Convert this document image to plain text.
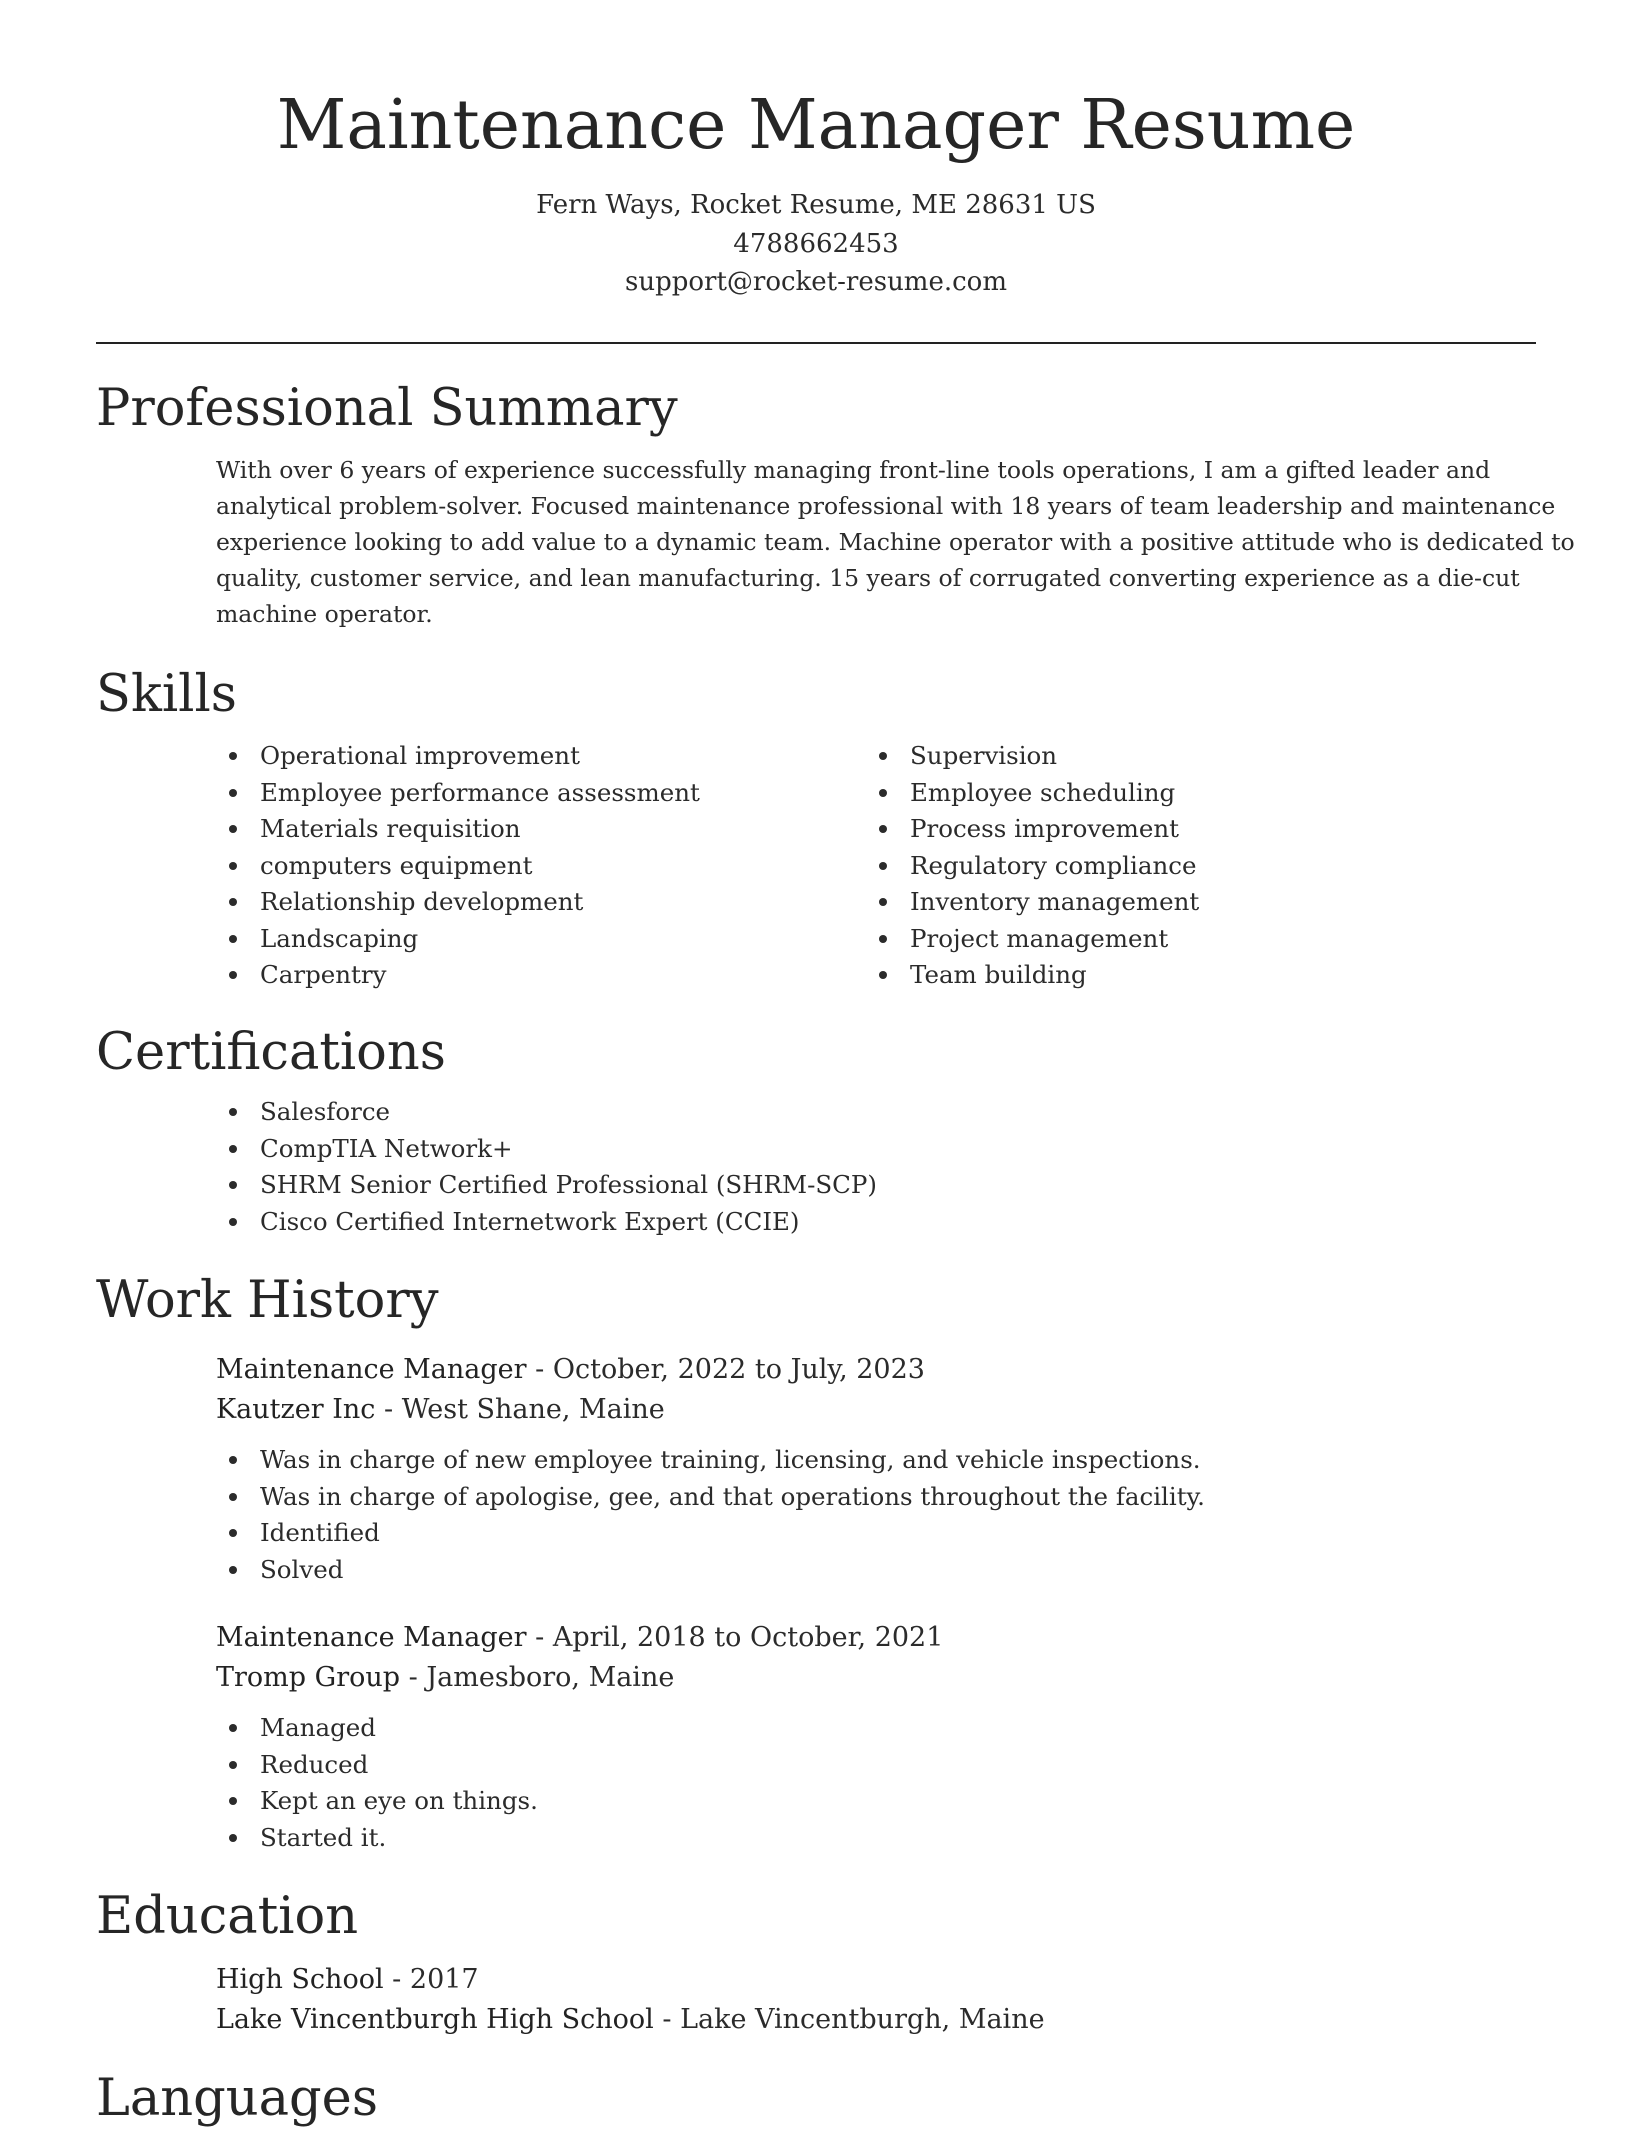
Maintenance Manager Resume
Fern Ways, Rocket Resume, ME 28631 US
4788662453
support@rocket-resume.com
Professional Summary

With over 6 years of experience successfully managing front-line tools operations, I am a gifted leader and analytical problem-solver. Focused maintenance professional with 18 years of team leadership and maintenance experience looking to add value to a dynamic team. Machine operator with a positive attitude who is dedicated to quality, customer service, and lean manufacturing. 15 years of corrugated converting experience as a die-cut machine operator.

Skills
Operational improvement
Employee performance assessment
Materials requisition
computers equipment
Relationship development
Landscaping
Carpentry
Supervision
Employee scheduling
Process improvement
Regulatory compliance
Inventory management
Project management
Team building
Certifications
Salesforce
CompTIA Network+
SHRM Senior Certified Professional (SHRM-SCP)
Cisco Certified Internetwork Expert (CCIE)
Work History
Maintenance Manager - October, 2022 to July, 2023
Kautzer Inc - West Shane, Maine
Was in charge of new employee training, licensing, and vehicle inspections.
Was in charge of apologise, gee, and that operations throughout the facility.
Identified
Solved
Maintenance Manager - April, 2018 to October, 2021
Tromp Group - Jamesboro, Maine
Managed
Reduced
Kept an eye on things.
Started it.
Education
High School - 2017
Lake Vincentburgh High School - Lake Vincentburgh, Maine
Languages
